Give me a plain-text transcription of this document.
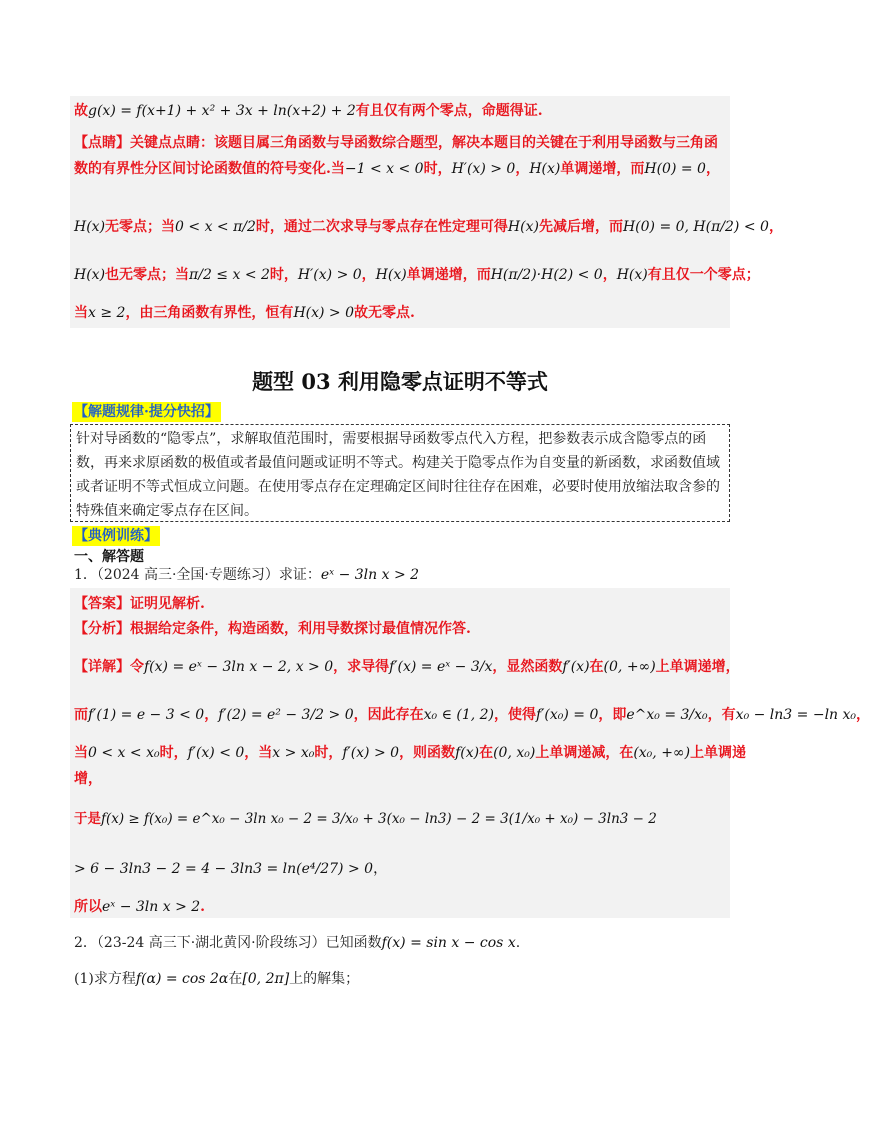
故g(x) = f(x+1) + x² + 3x + ln(x+2) + 2有且仅有两个零点，命题得证.
【点睛】关键点点睛：该题目属三角函数与导函数综合题型，解决本题目的关键在于利用导函数与三角函
数的有界性分区间讨论函数值的符号变化.当−1 < x < 0时，H′(x) > 0，H(x)单调递增，而H(0) = 0，
H(x)无零点；当0 < x < π/2时，通过二次求导与零点存在性定理可得H(x)先减后增，而H(0) = 0, H(π/2) < 0，
H(x)也无零点；当π/2 ≤ x < 2时，H′(x) > 0，H(x)单调递增，而H(π/2)·H(2) < 0，H(x)有且仅一个零点；
当x ≥ 2，由三角函数有界性，恒有H(x) > 0故无零点.
题型 03 利用隐零点证明不等式
【解题规律·提分快招】
针对导函数的“隐零点”，求解取值范围时，需要根据导函数零点代入方程，把参数表示成含隐零点的函
数，再来求原函数的极值或者最值问题或证明不等式。构建关于隐零点作为自变量的新函数，求函数值域
或者证明不等式恒成立问题。在使用零点存在定理确定区间时往往存在困难，必要时使用放缩法取含参的
特殊值来确定零点存在区间。
【典例训练】
一、解答题
1．（2024 高三·全国·专题练习）求证：eˣ − 3ln x > 2
【答案】证明见解析.
【分析】根据给定条件，构造函数，利用导数探讨最值情况作答.
【详解】令f(x) = eˣ − 3ln x − 2, x > 0，求导得f′(x) = eˣ − 3/x，显然函数f′(x)在(0, +∞)上单调递增，
而f′(1) = e − 3 < 0，f′(2) = e² − 3/2 > 0，因此存在x₀ ∈ (1, 2)，使得f′(x₀) = 0，即e^x₀ = 3/x₀，有x₀ − ln3 = −ln x₀，
当0 < x < x₀时，f′(x) < 0，当x > x₀时，f′(x) > 0，则函数f(x)在(0, x₀)上单调递减，在(x₀, +∞)上单调递
增，
于是f(x) ≥ f(x₀) = e^x₀ − 3ln x₀ − 2 = 3/x₀ + 3(x₀ − ln3) − 2 = 3(1/x₀ + x₀) − 3ln3 − 2
> 6 − 3ln3 − 2 = 4 − 3ln3 = ln(e⁴/27) > 0，
所以eˣ − 3ln x > 2.
2．（23-24 高三下·湖北黄冈·阶段练习）已知函数f(x) = sin x − cos x.
(1)求方程f(α) = cos 2α在[0, 2π]上的解集；
